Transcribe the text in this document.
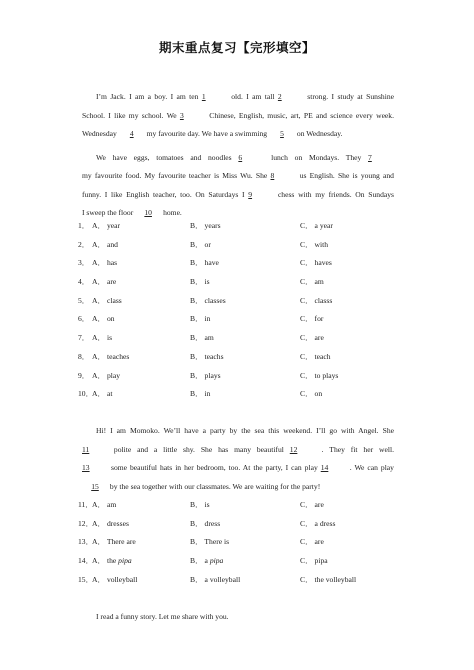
期末重点复习【完形填空】
I’m Jack. I am a boy. I am ten 1	old. I am tall 2	strong. I study at Sunshine
School. I like my school. We 3	Chinese, English, music, art, PE and science every week.
Wednesday 4 my favourite day. We have a swimming 5 on Wednesday.
We have eggs, tomatoes and noodles 6	lunch on Mondays. They 7
my favourite food. My favourite teacher is Miss Wu. She 8	us English. She is young and
funny. I like English teacher, too. On Saturdays I 9	chess with my friends. On Sundays
I sweep the floor 10 home.
1． A． year	B． years	C． a year
2． A． and	B． or	C． with
3． A． has	B． have	C． haves
4． A． are	B． is	C． am
5． A． class	B． classes	C． classs
6． A． on	B． in	C． for
7． A． is	B． am	C． are
8． A． teaches	B． teachs	C． teach
9． A． play	B． plays	C． to plays
10．
A． at	B． in	C． on
Hi! I am Momoko. We’ll have a party by the sea this weekend. I’ll go with Angel. She
11	polite and a little shy. She has many beautiful 12	. They fit her well.
13	some beautiful hats in her bedroom, too. At the party, I can play 14	. We can play
15 by the sea together with our classmates. We are waiting for the party!
11． A． am	B． is	C． are
12．
A． dresses	B． dress	C． a dress
13．
A． There are	B． There is	C． are
14．
A． the pipa	B． a pipa	C． pipa
15．
A． volleyball	B． a volleyball	C． the volleyball
I read a funny story. Let me share with you.
